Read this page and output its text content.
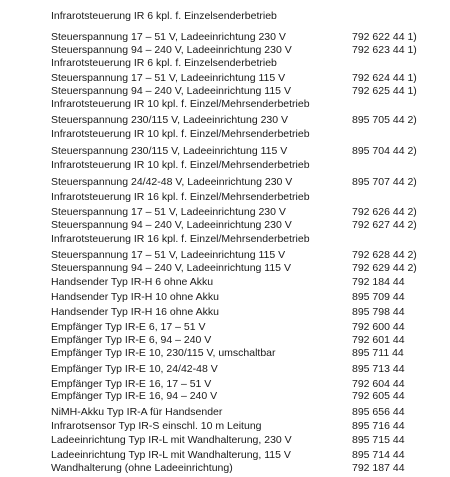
Infrarotsteuerung IR 6 kpl. f. Einzelsenderbetrieb
Steuerspannung 17 – 51 V, Ladeeinrichtung 230 V	792 622 44 1)
Steuerspannung 94 – 240 V, Ladeeinrichtung 230 V	792 623 44 1)
Infrarotsteuerung IR 6 kpl. f. Einzelsenderbetrieb
Steuerspannung 17 – 51 V, Ladeeinrichtung 115 V	792 624 44 1)
Steuerspannung 94 – 240 V, Ladeeinrichtung 115 V	792 625 44 1)
Infrarotsteuerung IR 10 kpl. f. Einzel/Mehrsenderbetrieb
Steuerspannung 230/115 V, Ladeeinrichtung 230 V	895 705 44 2)
Infrarotsteuerung IR 10 kpl. f. Einzel/Mehrsenderbetrieb
Steuerspannung 230/115 V, Ladeeinrichtung 115 V	895 704 44 2)
Infrarotsteuerung IR 10 kpl. f. Einzel/Mehrsenderbetrieb
Steuerspannung 24/42-48 V, Ladeeinrichtung 230 V	895 707 44 2)
Infrarotsteuerung IR 16 kpl. f. Einzel/Mehrsenderbetrieb
Steuerspannung 17 – 51 V, Ladeeinrichtung 230 V	792 626 44 2)
Steuerspannung 94 – 240 V, Ladeeinrichtung 230 V	792 627 44 2)
Infrarotsteuerung IR 16 kpl. f. Einzel/Mehrsenderbetrieb
Steuerspannung 17 – 51 V, Ladeeinrichtung 115 V	792 628 44 2)
Steuerspannung 94 – 240 V, Ladeeinrichtung 115 V	792 629 44 2)
Handsender Typ IR-H 6 ohne Akku	792 184 44
Handsender Typ IR-H 10 ohne Akku	895 709 44
Handsender Typ IR-H 16 ohne Akku	895 798 44
Empfänger Typ IR-E 6, 17 – 51 V	792 600 44
Empfänger Typ IR-E 6, 94 – 240 V	792 601 44
Empfänger Typ IR-E 10, 230/115 V, umschaltbar	895 711 44
Empfänger Typ IR-E 10, 24/42-48 V	895 713 44
Empfänger Typ IR-E 16, 17 – 51 V	792 604 44
Empfänger Typ IR-E 16, 94 – 240 V	792 605 44
NiMH-Akku Typ IR-A für Handsender	895 656 44
Infrarotsensor Typ IR-S einschl. 10 m Leitung	895 716 44
Ladeeinrichtung Typ IR-L mit Wandhalterung, 230 V	895 715 44
Ladeeinrichtung Typ IR-L mit Wandhalterung, 115 V	895 714 44
Wandhalterung (ohne Ladeeinrichtung)	792 187 44
